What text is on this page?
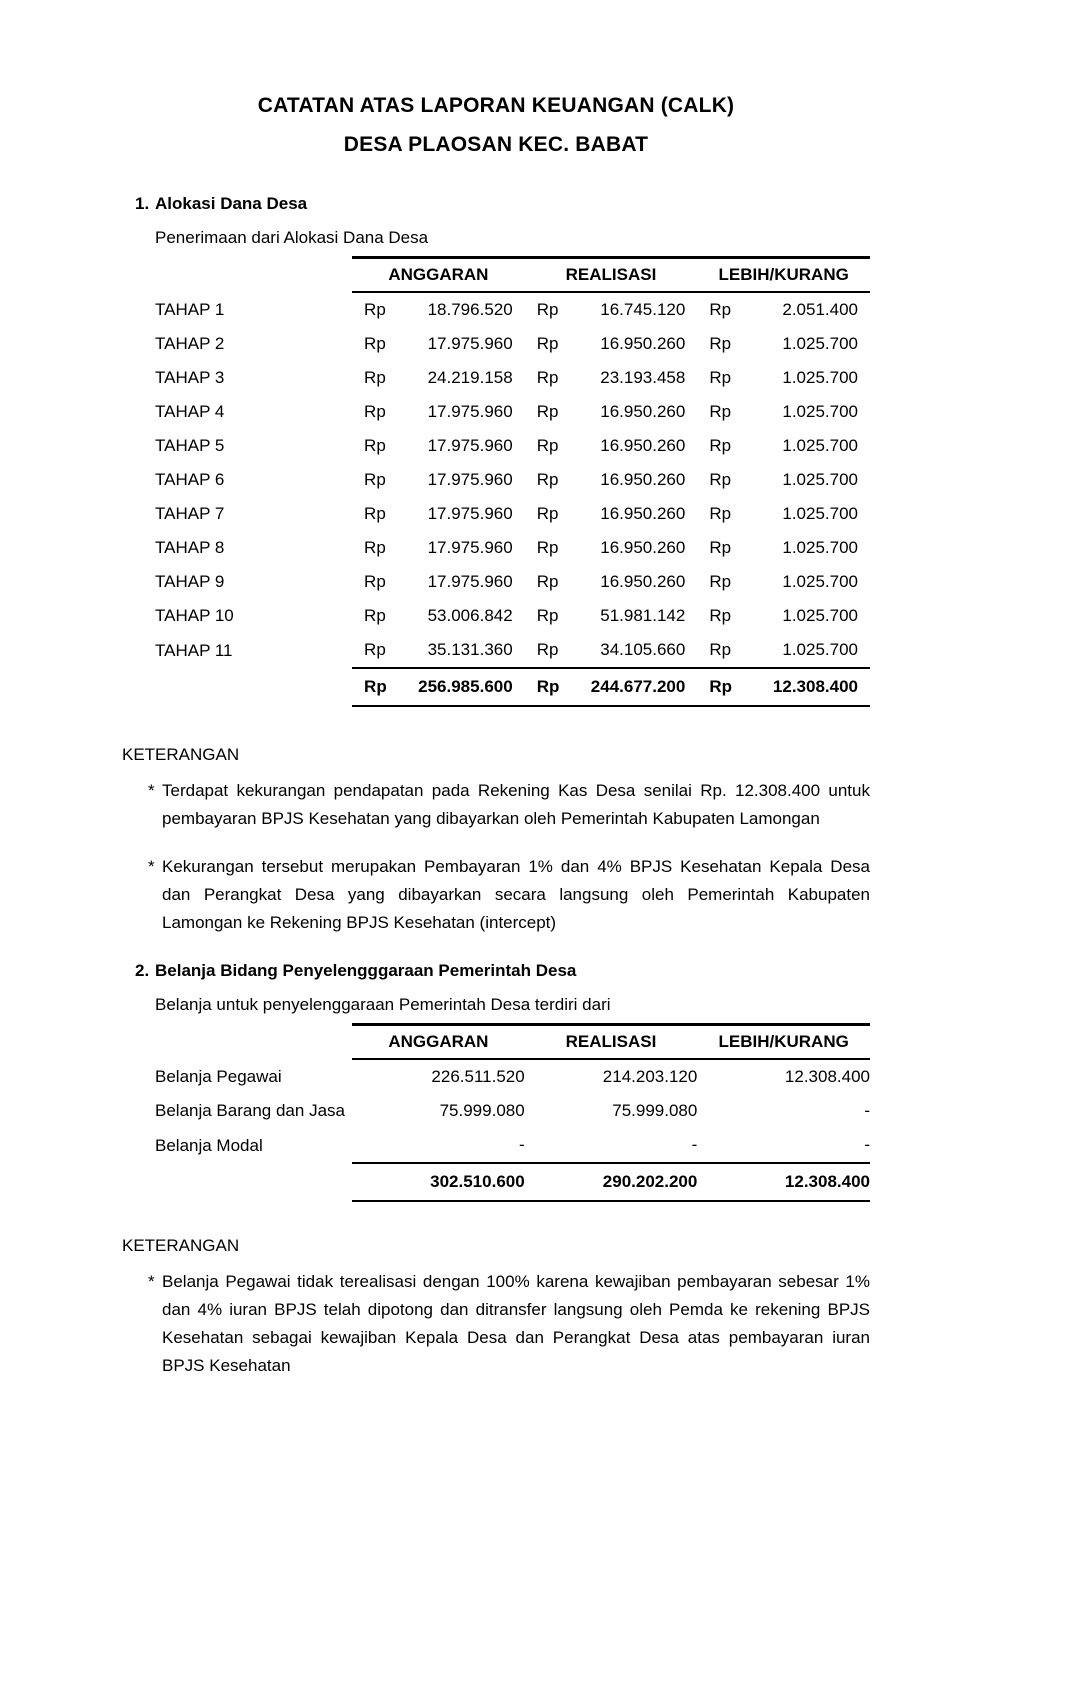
CATATAN ATAS LAPORAN KEUANGAN (CALK)
DESA PLAOSAN KEC. BABAT
1. Alokasi Dana Desa
Penerimaan dari Alokasi Dana Desa
	ANGGARAN	REALISASI	LEBIH/KURANG
TAHAP 1	Rp 18.796.520	Rp 16.745.120	Rp 2.051.400

TAHAP 2	Rp 17.975.960	Rp 16.950.260	Rp 1.025.700

TAHAP 3	Rp 24.219.158	Rp 23.193.458	Rp 1.025.700

TAHAP 4	Rp 17.975.960	Rp 16.950.260	Rp 1.025.700

TAHAP 5	Rp 17.975.960	Rp 16.950.260	Rp 1.025.700

TAHAP 6	Rp 17.975.960	Rp 16.950.260	Rp 1.025.700

TAHAP 7	Rp 17.975.960	Rp 16.950.260	Rp 1.025.700

TAHAP 8	Rp 17.975.960	Rp 16.950.260	Rp 1.025.700

TAHAP 9	Rp 17.975.960	Rp 16.950.260	Rp 1.025.700

TAHAP 10	Rp 53.006.842	Rp 51.981.142	Rp 1.025.700

TAHAP 11	Rp 35.131.360	Rp 34.105.660	Rp 1.025.700

	Rp 256.985.600	Rp 244.677.200	Rp 12.308.400
KETERANGAN
* Terdapat kekurangan pendapatan pada Rekening Kas Desa senilai Rp. 12.308.400 untuk pembayaran BPJS Kesehatan yang dibayarkan oleh Pemerintah Kabupaten Lamongan
* Kekurangan tersebut merupakan Pembayaran 1% dan 4% BPJS Kesehatan Kepala Desa dan Perangkat Desa yang dibayarkan secara langsung oleh Pemerintah Kabupaten Lamongan ke Rekening BPJS Kesehatan (intercept)
2. Belanja Bidang Penyelengggaraan Pemerintah Desa
Belanja untuk penyelenggaraan Pemerintah Desa terdiri dari
	ANGGARAN	REALISASI	LEBIH/KURANG
Belanja Pegawai	226.511.520	214.203.120	12.308.400
Belanja Barang dan Jasa	75.999.080	75.999.080	-
Belanja Modal	-	-	-
	302.510.600	290.202.200	12.308.400
KETERANGAN
* Belanja Pegawai tidak terealisasi dengan 100% karena kewajiban pembayaran sebesar 1% dan 4% iuran BPJS telah dipotong dan ditransfer langsung oleh Pemda ke rekening BPJS Kesehatan sebagai kewajiban Kepala Desa dan Perangkat Desa atas pembayaran iuran BPJS Kesehatan
